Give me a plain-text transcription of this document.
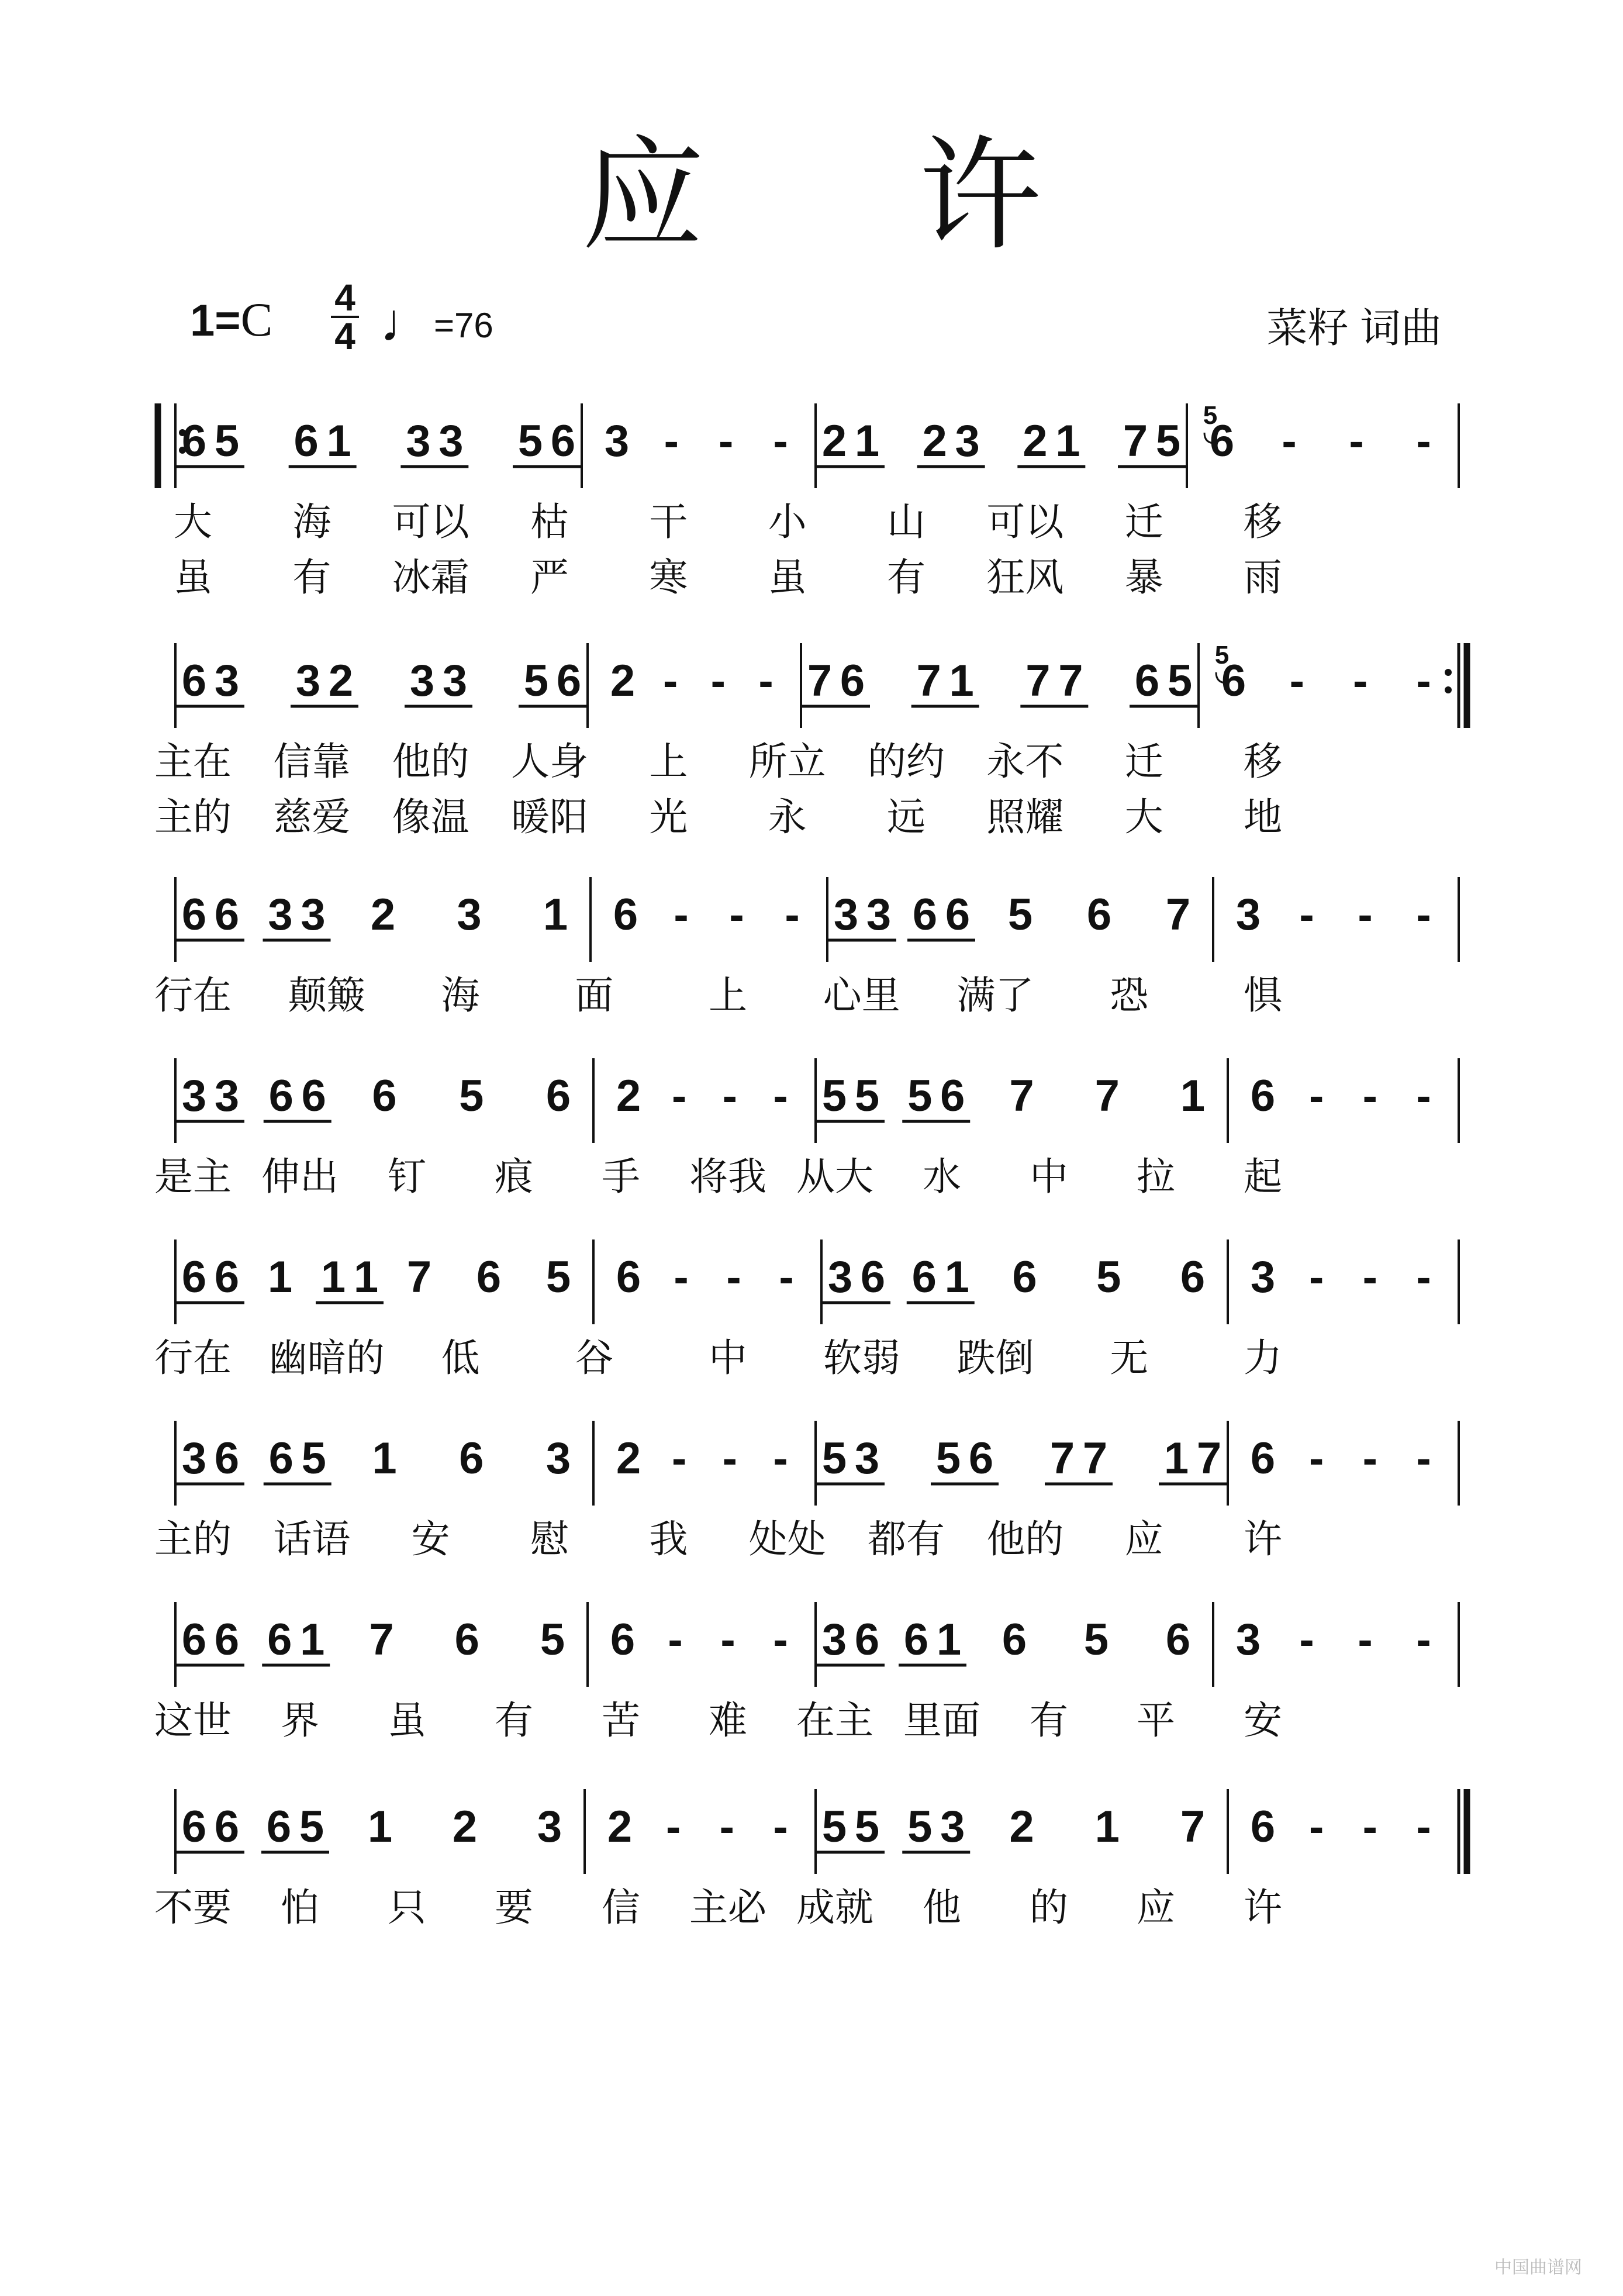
应 许
1=C 4
4 ♩=76	菜籽 词曲
6 5 6 1 3 3 5 6 3 - - - 2 1 2 3 2 1 7 5 6 - - -
5
大 海 可以 枯 干 小 山 可以 迁 移
虽 有 冰霜 严 寒 虽 有 狂风 暴 雨
6 3 3 2 3 3 5 6 2 - - - 7 6 7 1 7 7 6 5 6 - - -
5
主在 信靠 他的 人身 上 所立 的约 永不 迁 移
主的 慈爱 像温 暖阳 光 永 远 照耀 大 地
6 6 3 3 2 3 1 6 - - - 3 3 6 6 5 6 7 3 - - -
行在 颠簸 海 面 上 心里 满了 恐 惧
3 3 6 6 6 5 6 2 - - - 5 5 5 6 7 7 1 6 - - -
是主 伸出 钉 痕 手 将我 从大 水 中 拉 起
6 6 1 1 1 7 6 5 6 - - - 3 6 6 1 6 5 6 3 - - -
行在 幽暗的 低 谷 中 软弱 跌倒 无 力
3 6 6 5 1 6 3 2 - - - 5 3 5 6 7 7 1 7 6 - - -
主的 话语 安 慰 我 处处 都有 他的 应 许
6 6 6 1 7 6 5 6 - - - 3 6 6 1 6 5 6 3 - - -
这世 界 虽 有 苦 难 在主 里面 有 平 安
6 6 6 5 1 2 3 2 - - - 5 5 5 3 2 1 7 6 - - -
不要 怕 只 要 信 主必 成就 他 的 应 许
中国曲谱网
